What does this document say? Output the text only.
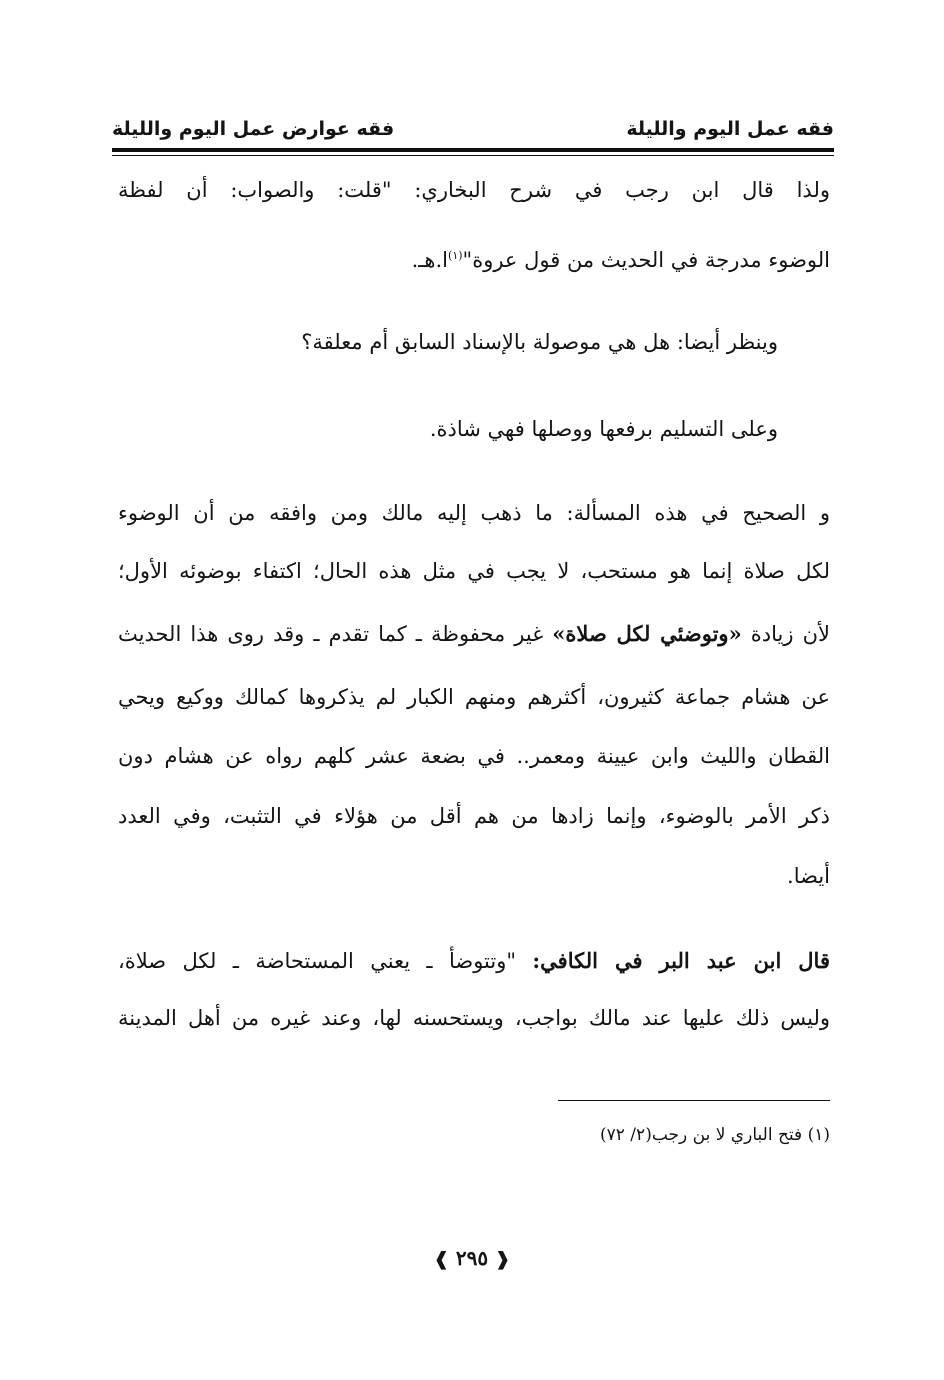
فقه عمل اليوم والليلة
فقه عوارض عمل اليوم والليلة
ولذا قال ابن رجب في شرح البخاري: "قلت: والصواب: أن لفظة
الوضوء مدرجة في الحديث من قول عروة"$^{(١)}$ا.هـ.
وينظر أيضا: هل هي موصولة بالإسناد السابق أم معلقة؟
وعلى التسليم برفعها ووصلها فهي شاذة.
و الصحيح في هذه المسألة: ما ذهب إليه مالك ومن وافقه من أن الوضوء
لكل صلاة إنما هو مستحب، لا يجب في مثل هذه الحال؛ اكتفاء بوضوئه الأول؛
لأن زيادة «وتوضئي لكل صلاة» غير محفوظة ـ كما تقدم ـ وقد روى هذا الحديث
عن هشام جماعة كثيرون، أكثرهم ومنهم الكبار لم يذكروها كمالك ووكيع ويحي
القطان والليث وابن عيينة ومعمر.. في بضعة عشر كلهم رواه عن هشام دون
ذكر الأمر بالوضوء، وإنما زادها من هم أقل من هؤلاء في التثبت، وفي العدد
أيضا.
قال ابن عبد البر في الكافي: "وتتوضأ ـ يعني المستحاضة ـ لكل صلاة،
وليس ذلك عليها عند مالك بواجب، ويستحسنه لها، وعند غيره من أهل المدينة
(١) فتح الباري لا بن رجب(٢/ ٧٢)
❰ ٢٩٥ ❱
